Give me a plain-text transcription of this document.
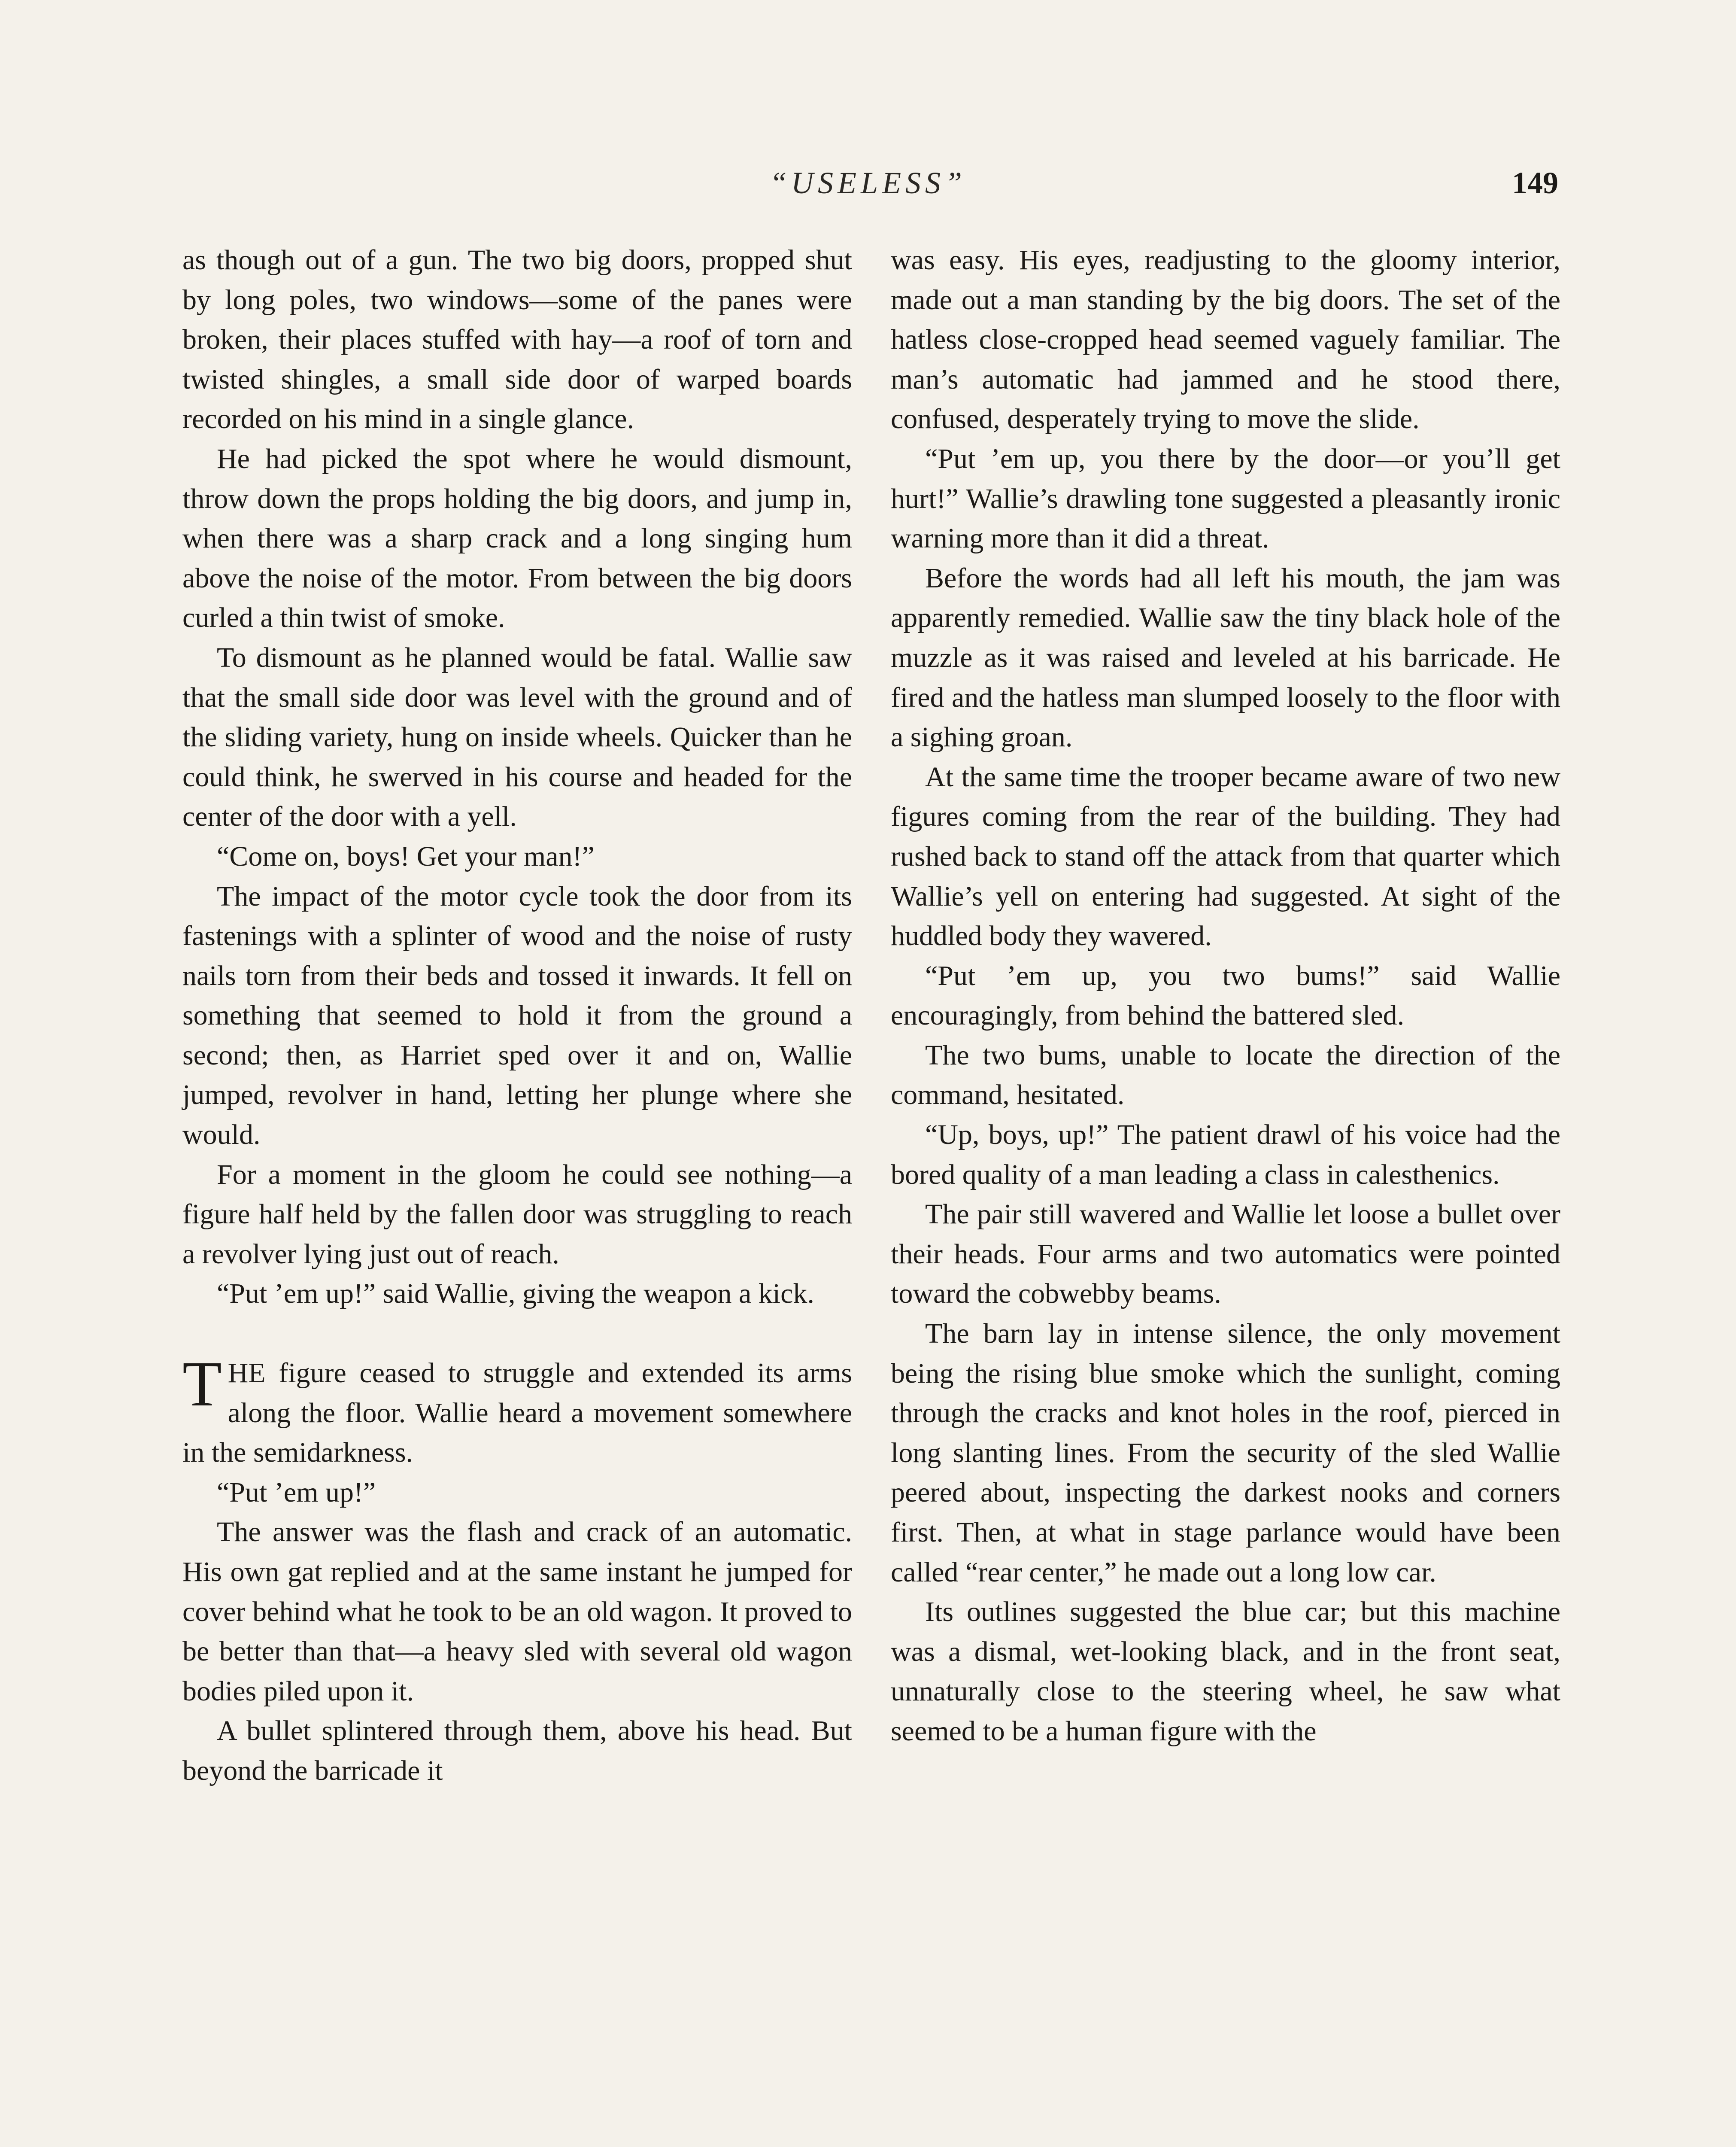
“USELESS”	149

as though out of a gun. The two big doors, propped shut by long poles, two windows—some of the panes were broken, their places stuffed with hay—a roof of torn and twisted shingles, a small side door of warped boards recorded on his mind in a single glance.

He had picked the spot where he would dismount, throw down the props holding the big doors, and jump in, when there was a sharp crack and a long singing hum above the noise of the motor. From between the big doors curled a thin twist of smoke.

To dismount as he planned would be fatal. Wallie saw that the small side door was level with the ground and of the sliding variety, hung on inside wheels. Quicker than he could think, he swerved in his course and headed for the center of the door with a yell.

“Come on, boys! Get your man!”

The impact of the motor cycle took the door from its fastenings with a splinter of wood and the noise of rusty nails torn from their beds and tossed it inwards. It fell on something that seemed to hold it from the ground a second; then, as Harriet sped over it and on, Wallie jumped, revolver in hand, letting her plunge where she would.

For a moment in the gloom he could see nothing—a figure half held by the fallen door was struggling to reach a revolver lying just out of reach.

“Put ’em up!” said Wallie, giving the weapon a kick.

THE figure ceased to struggle and extended its arms along the floor. Wallie heard a movement somewhere in the semidarkness.

“Put ’em up!”

The answer was the flash and crack of an automatic. His own gat replied and at the same instant he jumped for cover behind what he took to be an old wagon. It proved to be better than that—a heavy sled with several old wagon bodies piled upon it.

A bullet splintered through them, above his head. But beyond the barricade it

was easy. His eyes, readjusting to the gloomy interior, made out a man standing by the big doors. The set of the hatless close-cropped head seemed vaguely familiar. The man’s automatic had jammed and he stood there, confused, desperately trying to move the slide.

“Put ’em up, you there by the door—or you’ll get hurt!” Wallie’s drawling tone suggested a pleasantly ironic warning more than it did a threat.

Before the words had all left his mouth, the jam was apparently remedied. Wallie saw the tiny black hole of the muzzle as it was raised and leveled at his barricade. He fired and the hatless man slumped loosely to the floor with a sighing groan.

At the same time the trooper became aware of two new figures coming from the rear of the building. They had rushed back to stand off the attack from that quarter which Wallie’s yell on entering had suggested. At sight of the huddled body they wavered.

“Put ’em up, you two bums!” said Wallie encouragingly, from behind the battered sled.

The two bums, unable to locate the direction of the command, hesitated.

“Up, boys, up!” The patient drawl of his voice had the bored quality of a man leading a class in calesthenics.

The pair still wavered and Wallie let loose a bullet over their heads. Four arms and two automatics were pointed toward the cobwebby beams.

The barn lay in intense silence, the only movement being the rising blue smoke which the sunlight, coming through the cracks and knot holes in the roof, pierced in long slanting lines. From the security of the sled Wallie peered about, inspecting the darkest nooks and corners first. Then, at what in stage parlance would have been called “rear center,” he made out a long low car.

Its outlines suggested the blue car; but this machine was a dismal, wet-looking black, and in the front seat, unnaturally close to the steering wheel, he saw what seemed to be a human figure with the
